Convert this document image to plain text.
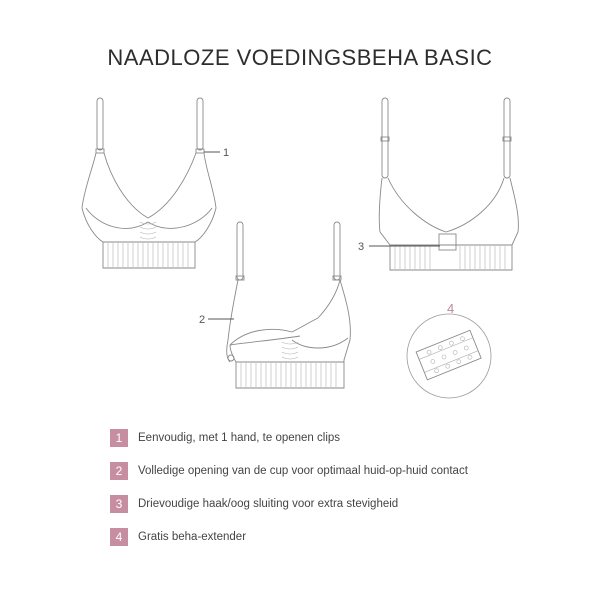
NAADLOZE VOEDINGSBEHA BASIC
1
3
2
4
1	Eenvoudig, met 1 hand, te openen clips
2	Volledige opening van de cup voor optimaal huid-op-huid contact
3	Drievoudige haak/oog sluiting voor extra stevigheid
4	Gratis beha-extender
